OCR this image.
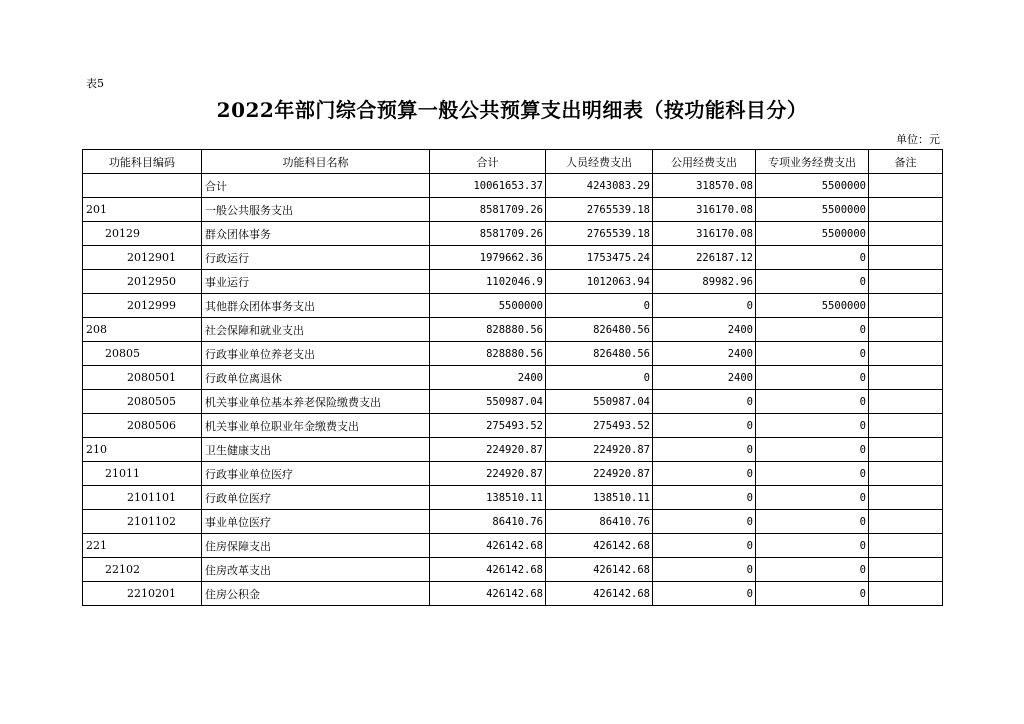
表5
2022年部门综合预算一般公共预算支出明细表（按功能科目分）
单位：元
功能科目编码	功能科目名称	合计	人员经费支出	公用经费支出	专项业务经费支出	备注
	合计	10061653.37	4243083.29	318570.08	5500000	
201	一般公共服务支出	8581709.26	2765539.18	316170.08	5500000	
20129	群众团体事务	8581709.26	2765539.18	316170.08	5500000	
2012901	行政运行	1979662.36	1753475.24	226187.12	0	
2012950	事业运行	1102046.9	1012063.94	89982.96	0	
2012999	其他群众团体事务支出	5500000	0	0	5500000	
208	社会保障和就业支出	828880.56	826480.56	2400	0	
20805	行政事业单位养老支出	828880.56	826480.56	2400	0	
2080501	行政单位离退休	2400	0	2400	0	
2080505	机关事业单位基本养老保险缴费支出	550987.04	550987.04	0	0	
2080506	机关事业单位职业年金缴费支出	275493.52	275493.52	0	0	
210	卫生健康支出	224920.87	224920.87	0	0	
21011	行政事业单位医疗	224920.87	224920.87	0	0	
2101101	行政单位医疗	138510.11	138510.11	0	0	
2101102	事业单位医疗	86410.76	86410.76	0	0	
221	住房保障支出	426142.68	426142.68	0	0	
22102	住房改革支出	426142.68	426142.68	0	0	
2210201	住房公积金	426142.68	426142.68	0	0	
